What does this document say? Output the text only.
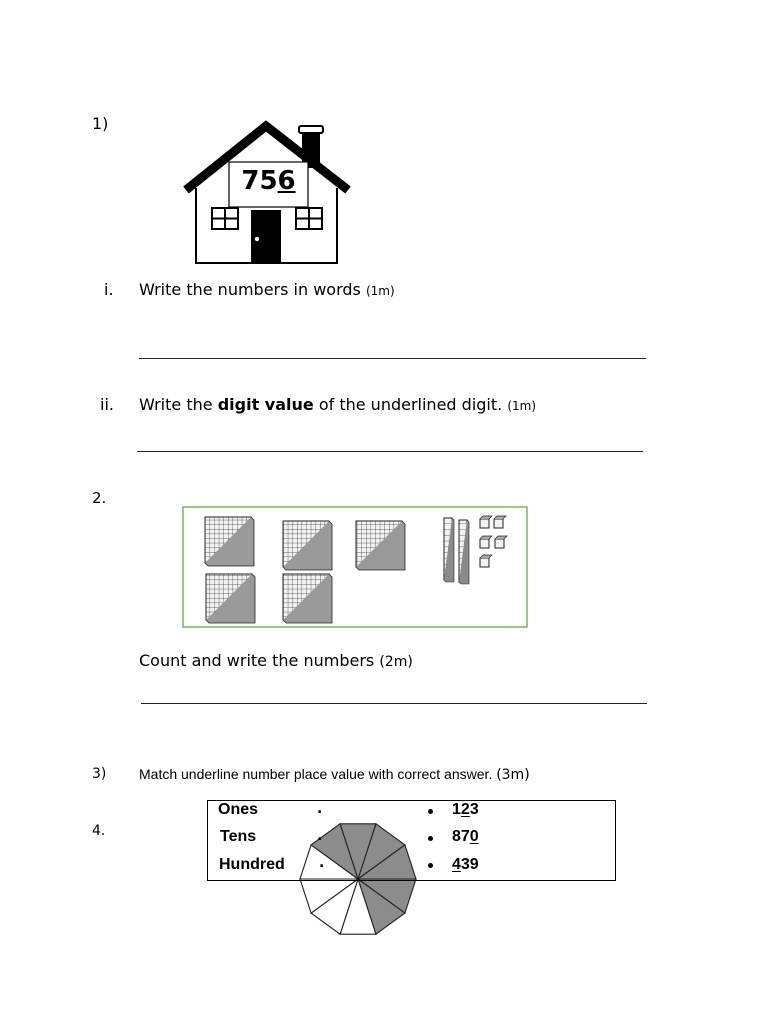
1)
756
i. Write the numbers in words (1m)
ii. Write the digit value of the underlined digit. (1m)
2.
Count and write the numbers (2m)
3) Match underline number place value with correct answer. (3m)
4.
Ones
Tens
Hundred
.
.
.
123
870
439
